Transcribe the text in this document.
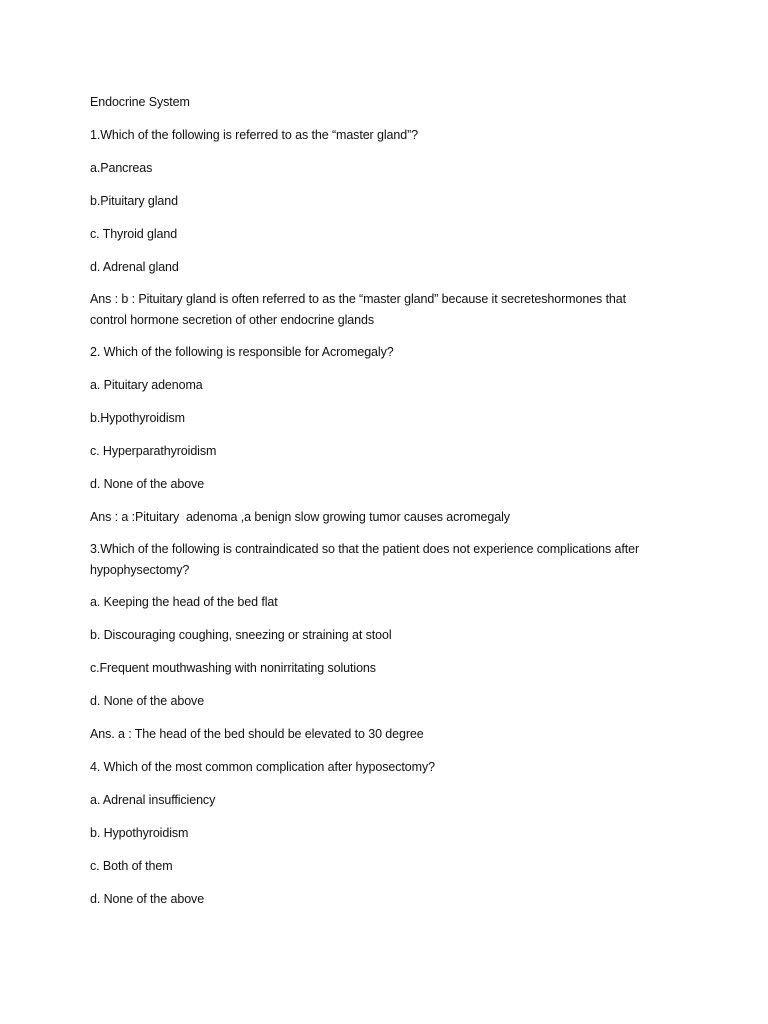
Endocrine System
1.Which of the following is referred to as the “master gland”?
a.Pancreas
b.Pituitary gland
c. Thyroid gland
d. Adrenal gland
Ans : b : Pituitary gland is often referred to as the “master gland” because it secreteshormones that
control hormone secretion of other endocrine glands
2. Which of the following is responsible for Acromegaly?
a. Pituitary adenoma
b.Hypothyroidism
c. Hyperparathyroidism
d. None of the above
Ans : a :Pituitary  adenoma ,a benign slow growing tumor causes acromegaly
3.Which of the following is contraindicated so that the patient does not experience complications after
hypophysectomy?
a. Keeping the head of the bed flat
b. Discouraging coughing, sneezing or straining at stool
c.Frequent mouthwashing with nonirritating solutions
d. None of the above
Ans. a : The head of the bed should be elevated to 30 degree
4. Which of the most common complication after hyposectomy?
a. Adrenal insufficiency
b. Hypothyroidism
c. Both of them
d. None of the above
